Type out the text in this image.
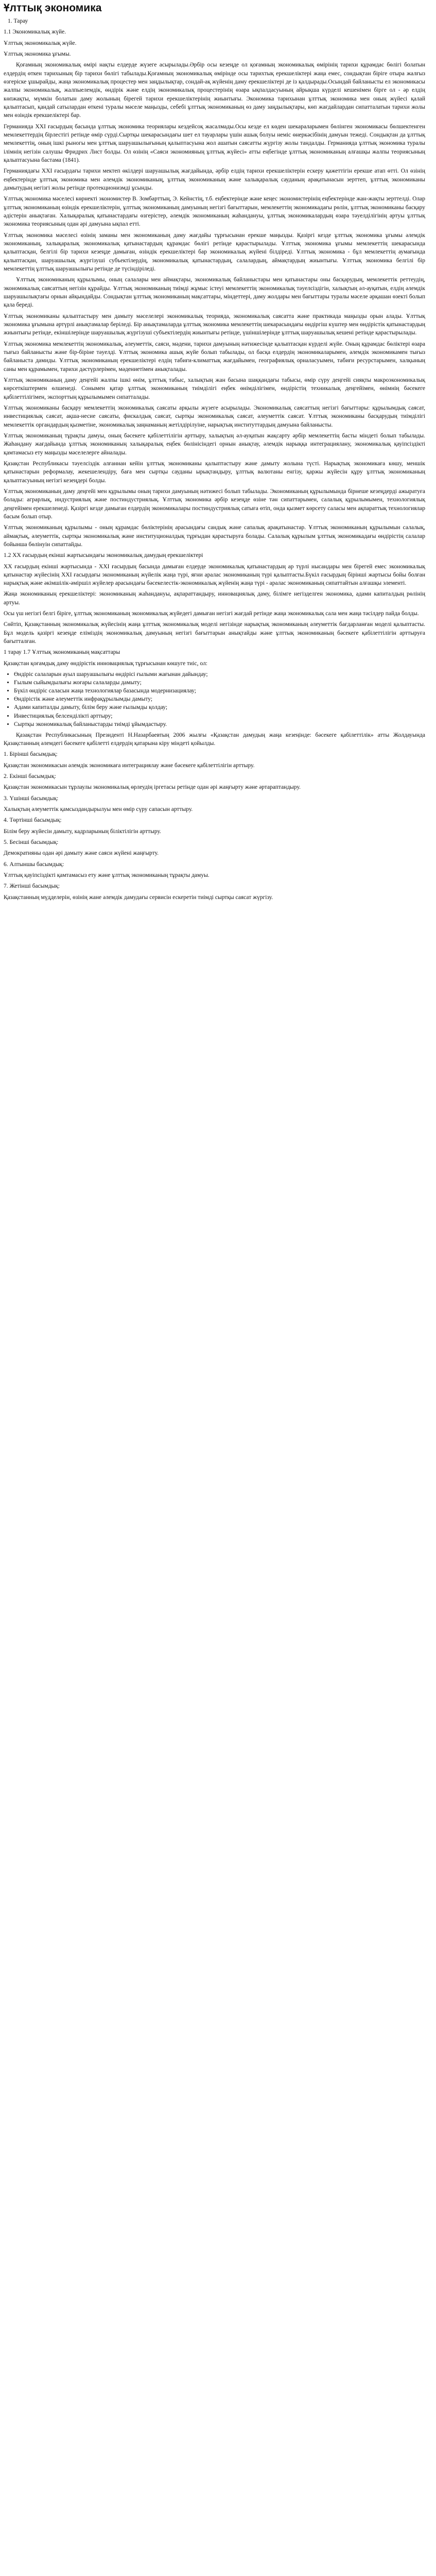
Ұлттық экономика

1. Тарау

1.1 Экономикалық жүйе.

Ұлттық экономикалық жүйе.

Ұлттық экономика ұғымы.

Қоғамның экономикалық өмірі нақты елдерде жүзеге асырылады.Әрбір осы кезеңде ол қоғамның экономикалық өмірінің тарихи құрамдас бөлігі болатын елдердің өткен тарихының бір тарихи бөлігі табылады.Қоғамның экономикалық өмірінде осы тарихтық ерекшеліктері жаңа емес, сондықтан біріге отыра жалғыз өзгеріске ұшырайды, жаңа экономикалық процестер мен заңдылықтар, сондай-ақ жүйенің даму ерекшеліктері де із қалдырады.Осындай байланысты ел экономикасы жалпы экономикалық, жалпыелемдік, өндірік және елдің экономикалық процестерінің өзара ықпалдасуының айрықша күрделі кешенімен бірге ол - әр елдің көпжақты, мүмкін болатын даму жолының бірегей тарихи ерекшеліктерінің жиынтығы. Экономика тарихынан ұлттық экономика мен оның жүйесі қалай қалыптасып, қандай сатылардан өткені туралы мәселе маңызды, себебі ұлттық экономиканың өз даму заңдылықтары, көп жағдайлардан сипатталатын тарихи жолы мен өзіндік ерекшеліктері бар.

Германияда XXI ғасырдың басында ұлттық экономика теориялары кездейсоқ жасалмады.Осы кезде ел көден шекараларымен бөлінген экономикасы бөлшектенген мемлекеттердің бірлестігі ретінде өмір сүрді.Сыртқы шекарасындағы шет ел тауарлары үшін ашық болуы неміс өнеркәсібінің дамуын тежеді. Сондықтан да ұлттық мемлекеттің, оның ішкі рыногы мен ұлттық шаруашылығының қалыптасуына жол ашатын саясатты жүргізу жолы тандалды. Германияда ұлттық экономика туралы ілімнің негізін салушы Фридрих Лист болды. Ол өзінің «Саяси экономияның ұлттық жүйесі» атты еңбегінде ұлттық экономиканың алғашқы жалпы теориясының қалыптасуына бастама (1841).

Германиядағы XXI ғасырдағы тарихи мектеп өкілдері шаруашылық жағдайында, әрбір елдің тарихи ерекшеліктерін ескеру қажеттігін ерекше атап өтті. Ол өзінің еңбектерінде ұлттық экономика мен әлемдік экономиканың, ұлттық экономиканың және халықаралық сауданың арақатынасын зерттеп, ұлттық экономиканы дамытудың негізгі жолы ретінде протекционизмді ұсынды.

Ұлттық экономика мәселесі көрнекті экономистер В. Зомбарттың, Э. Кейнстің, т.б. еңбектерінде және кеңес экономистерінің еңбектерінде жан-жақты зерттелді. Олар ұлттық экономиканың өзіндік ерекшеліктерін, ұлттық экономиканың дамуының негізгі бағыттарын, мемлекеттің экономикадағы рөлін, ұлттық экономиканы басқару әдістерін анықтаған. Халықаралық қатынастардағы өзгерістер, әлемдік экономиканың жаһандануы, ұлттық экономикалардың өзара тәуелділігінің артуы ұлттық экономика теориясының одан әрі дамуына ықпал етті.

Ұлттық экономика мәселесі өзінің заманы мен экономиканың даму жағдайы тұрғысынан ерекше маңызды. Қазіргі кезде ұлттық экономика ұғымы әлемдік экономиканың, халықаралық экономикалық қатынастардың құрамдас бөлігі ретінде қарастырылады. Ұлттық экономика ұғымы мемлекеттің шекарасында қалыптасқан, белгілі бір тарихи кезеңде дамыған, өзіндік ерекшеліктері бар экономикалық жүйені білдіреді. Ұлттық экономика - бұл мемлекеттің аумағында қалыптасқан, шаруашылық жүргізуші субъектілердің, экономикалық қатынастардың, салалардың, аймақтардың жиынтығы. Ұлттық экономика белгілі бір мемлекеттің ұлттық шаруашылығы ретінде де түсіндіріледі.

Ұлттық экономиканың құрылымы, оның салалары мен аймақтары, экономикалық байланыстары мен қатынастары оны басқарудың, мемлекеттік реттеудің, экономикалық саясаттың негізін құрайды. Ұлттық экономиканың тиімді жұмыс істеуі мемлекеттің экономикалық тәуелсіздігін, халықтың әл-ауқатын, елдің әлемдік шаруашылықтағы орнын айқындайды. Сондықтан ұлттық экономиканың мақсаттары, міндеттері, даму жолдары мен бағыттары туралы мәселе әрқашан өзекті болып қала береді.

Ұлттық экономиканы қалыптастыру мен дамыту мәселелері экономикалық теорияда, экономикалық саясатта және практикада маңызды орын алады. Ұлттық экономика ұғымына әртүрлі анықтамалар беріледі. Бір анықтамаларда ұлттық экономика мемлекеттің шекарасындағы өндіргіш күштер мен өндірістік қатынастардың жиынтығы ретінде, екіншілерінде шаруашылық жүргізуші субъектілердің жиынтығы ретінде, үшіншілерінде ұлттық шаруашылық кешені ретінде қарастырылады.

Ұлттық экономика мемлекеттің экономикалық, әлеуметтік, саяси, мәдени, тарихи дамуының нәтижесінде қалыптасқан күрделі жүйе. Оның құрамдас бөліктері өзара тығыз байланысты және бір-біріне тәуелді. Ұлттық экономика ашық жүйе болып табылады, ол басқа елдердің экономикаларымен, әлемдік экономикамен тығыз байланыста дамиды. Ұлттық экономиканың ерекшеліктері елдің табиғи-климаттық жағдайымен, географиялық орналасуымен, табиғи ресурстарымен, халқының саны мен құрамымен, тарихи дәстүрлерімен, мәдениетімен анықталады.

Ұлттық экономиканың даму деңгейі жалпы ішкі өнім, ұлттық табыс, халықтың жан басына шаққандағы табысы, өмір сүру деңгейі сияқты макроэкономикалық көрсеткіштермен өлшенеді. Сонымен қатар ұлттық экономиканың тиімділігі еңбек өнімділігімен, өндірістің техникалық деңгейімен, өнімнің бәсекеге қабілеттілігімен, экспорттың құрылымымен сипатталады.

Ұлттық экономиканы басқару мемлекеттің экономикалық саясаты арқылы жүзеге асырылады. Экономикалық саясаттың негізгі бағыттары: құрылымдық саясат, инвестициялық саясат, ақша-несие саясаты, фискалдық саясат, сыртқы экономикалық саясат, әлеуметтік саясат. Ұлттық экономиканы басқарудың тиімділігі мемлекеттік органдардың қызметіне, экономикалық заңнаманың жетілдірілуіне, нарықтық институттардың дамуына байланысты.

Ұлттық экономиканың тұрақты дамуы, оның бәсекеге қабілеттілігін арттыру, халықтың әл-ауқатын жақсарту әрбір мемлекеттің басты міндеті болып табылады. Жаһандану жағдайында ұлттық экономиканың халықаралық еңбек бөлінісіндегі орнын анықтау, әлемдік нарыққа интеграциялану, экономикалық қауіпсіздікті қамтамасыз ету маңызды мәселелерге айналады.

Қазақстан Республикасы тәуелсіздік алғаннан кейін ұлттық экономиканы қалыптастыру және дамыту жолына түсті. Нарықтық экономикаға көшу, меншік қатынастарын реформалау, жекешелендіру, баға мен сыртқы сауданы ырықтандыру, ұлттық валютаны енгізу, қаржы жүйесін құру ұлттық экономиканың қалыптасуының негізгі кезеңдері болды.

Ұлттық экономиканың даму деңгейі мен құрылымы оның тарихи дамуының нәтижесі болып табылады. Экономиканың құрылымында бірнеше кезеңдерді ажыратуға болады: аграрлық, индустриялық және постиндустриялық. Ұлттық экономика әрбір кезеңде өзіне тән сипаттарымен, салалық құрылымымен, технологиялық деңгейімен ерекшеленеді. Қазіргі кезде дамыған елдердің экономикалары постиндустриялық сатыға өтіп, онда қызмет көрсету саласы мен ақпараттық технологиялар басым болып отыр.

Ұлттық экономиканың құрылымы - оның құрамдас бөліктерінің арасындағы сандық және сапалық арақатынастар. Ұлттық экономиканың құрылымын салалық, аймақтық, әлеуметтік, сыртқы экономикалық және институционалдық тұрғыдан қарастыруға болады. Салалық құрылым ұлттық экономикадағы өндірістің салалар бойынша бөлінуін сипаттайды.

1.2 ХХ ғасырдың екінші жартысындағы экономикалық дамудың ерекшеліктері

ХХ ғасырдың екінші жартысында - XXI ғасырдың басында дамыған елдерде экономикалық қатынастардың ар түрлі нысандары мен бірегей емес экономикалық қатынастар жүйесінің XXI ғасырдағы экономиканың жүйелік жаңа түрі, яғни аралас экономиканың түрі қалыптасты.Бүкіл ғасырдың бірінші жартысы бойы болған нарықтық және әкімшілік-әміршіл жүйелер арасындағы бәсекелестік-экономикалық жүйенің жаңа түрі - аралас экономиканың сипаттайтын алғашқы элементі.

Жаңа экономиканың ерекшеліктері: экономиканың жаһандануы, ақпараттандыру, инновациялық даму, білімге негізделген экономика, адами капиталдың рөлінің артуы.

Осы үш негізгі белгі біріге, ұлттық экономиканың экономикалық жүйедегі дамыған негізгі жағдай ретінде жаңа экономикалық сала мен жаңа тәсілдер пайда болды.

Сөйтіп, Қазақстанның экономикалық жүйесінің жаңа ұлттық экономикалық моделі негізінде нарықтық экономиканың әлеуметтік бағдарланған моделі қалыптасты. Бұл модель қазіргі кезеңде еліміздің экономикалық дамуының негізгі бағыттарын анықтайды және ұлттық экономиканың бәсекеге қабілеттілігін арттыруға бағытталған.

1 тарау 1.7 Ұлттық экономиканың мақсаттары

Қазақстан қоғамдық даму өндірістік инновациялық тұрғысынан көшуге тиіс, ол:

• Өндіріс салаларын ауыл шаруашылығы өндірісі ғылыми жағынан дайындау;
• Ғылым сыйымдылығы жоғары салаларды дамыту;
• Бүкіл өндіріс саласын жаңа технологиялар базасында модернизациялау;
• Өндірістік және әлеуметтік инфрақұрылымды дамыту;
• Адами капиталды дамыту, білім беру және ғылымды қолдау;
• Инвестициялық белсенділікті арттыру;
• Сыртқы экономикалық байланыстарды тиімді ұйымдастыру.

Қазақстан Республикасының Президенті Н.Назарбаевтың 2006 жылғы «Қазақстан дамудың жаңа кезеңінде: бәсекеге қабілеттілік» атты Жолдауында Қазақстанның әлемдегі бәсекеге қабілетті елдердің қатарына кіру міндеті қойылды.

1. Бірінші басымдық:

Қазақстан экономикасын әлемдік экономикаға интеграциялау және бәсекеге қабілеттілігін арттыру.

2. Екінші басымдық:

Қазақстан экономикасын тұрлаулы экономикалық өрлеудің іргетасы ретінде одан әрі жаңғырту және әртараптандыру.

3. Үшінші басымдық:

Халықтың әлеуметтік қамсыздандырылуы мен өмір сүру сапасын арттыру.

4. Төртінші басымдық:

Білім беру жүйесін дамыту, кадрларының біліктілігін арттыру.

5. Бесінші басымдық:

Демократияны одан әрі дамыту және саяси жүйені жаңғырту.

6. Алтыншы басымдық:

Ұлттық қауіпсіздікті қамтамасыз ету және ұлттық экономиканың тұрақты дамуы.

7. Жетінші басымдық:

Қазақстанның мүдделерін, өзінің жане әлемдік дамудағы сервисін ескеретін тиімді сыртқы саясат жүргізу.
